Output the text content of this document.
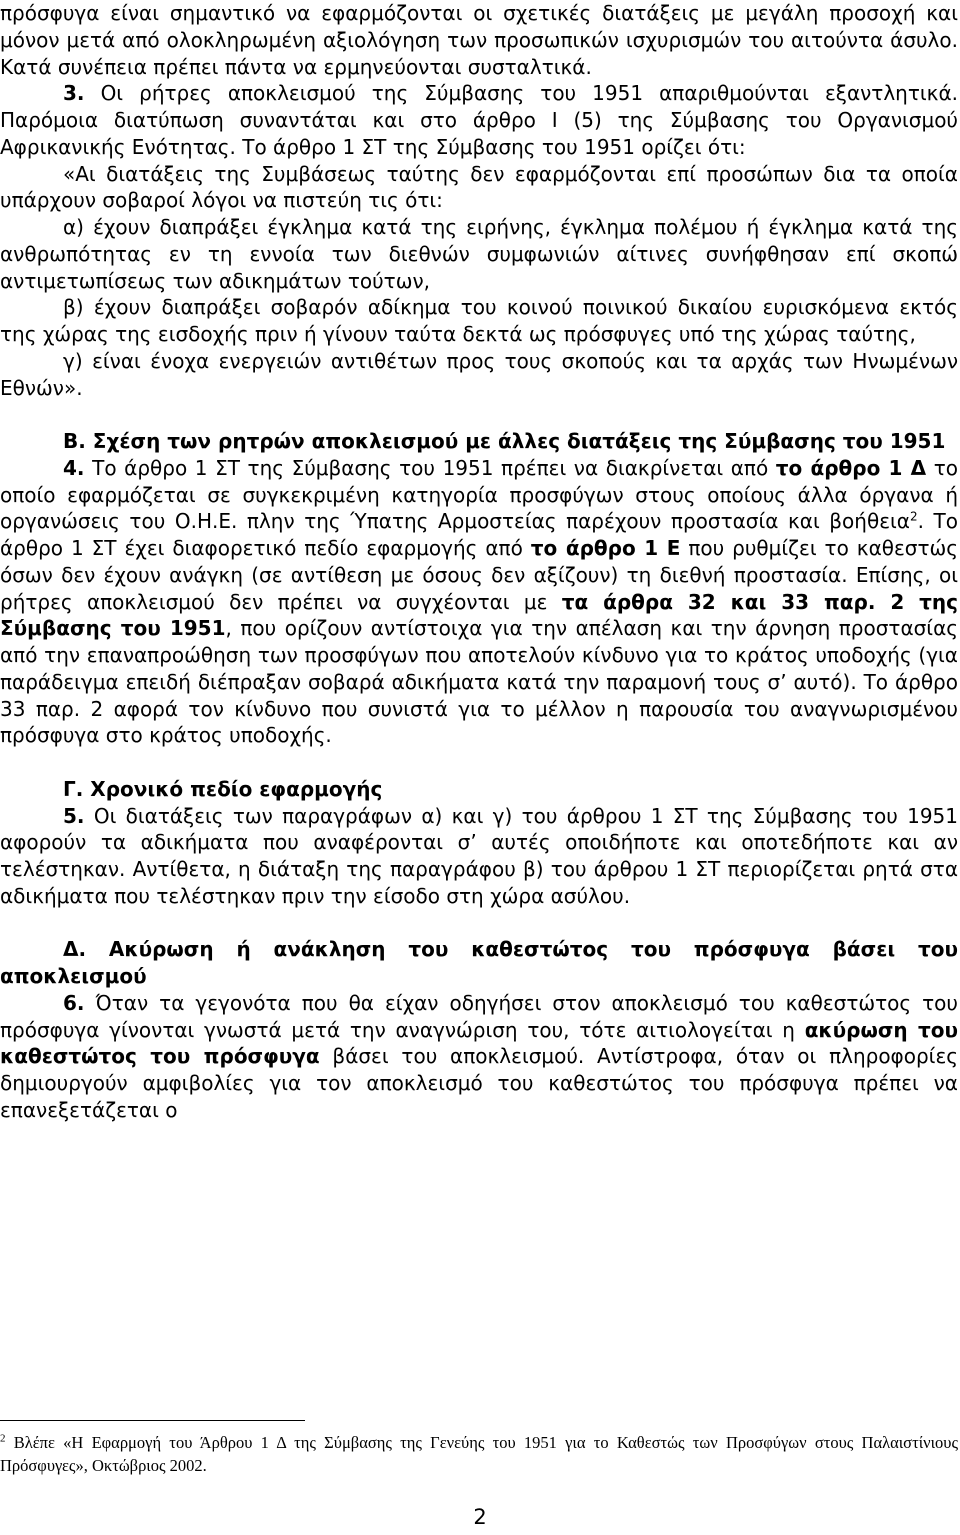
πρόσφυγα είναι σημαντικό να εφαρμόζονται οι σχετικές διατάξεις με μεγάλη προσοχή και μόνον μετά από ολοκληρωμένη αξιολόγηση των προσωπικών ισχυρισμών του αιτούντα άσυλο. Κατά συνέπεια πρέπει πάντα να ερμηνεύονται συσταλτικά.

3. Οι ρήτρες αποκλεισμού της Σύμβασης του 1951 απαριθμούνται εξαντλητικά. Παρόμοια διατύπωση συναντάται και στο άρθρο Ι (5) της Σύμβασης του Οργανισμού Αφρικανικής Ενότητας. Το άρθρο 1 ΣΤ της Σύμβασης του 1951 ορίζει ότι:

«Αι διατάξεις της Συμβάσεως ταύτης δεν εφαρμόζονται επί προσώπων δια τα οποία υπάρχουν σοβαροί λόγοι να πιστεύη τις ότι:

α) έχουν διαπράξει έγκλημα κατά της ειρήνης, έγκλημα πολέμου ή έγκλημα κατά της ανθρωπότητας εν τη εννοία των διεθνών συμφωνιών αίτινες συνήφθησαν επί σκοπώ αντιμετωπίσεως των αδικημάτων τούτων,

β) έχουν διαπράξει σοβαρόν αδίκημα του κοινού ποινικού δικαίου ευρισκόμενα εκτός της χώρας της εισδοχής πριν ή γίνουν ταύτα δεκτά ως πρόσφυγες υπό της χώρας ταύτης,

γ) είναι ένοχα ενεργειών αντιθέτων προς τους σκοπούς και τα αρχάς των Ηνωμένων Εθνών».

Β. Σχέση των ρητρών αποκλεισμού με άλλες διατάξεις της Σύμβασης του 1951

4. Το άρθρο 1 ΣΤ της Σύμβασης του 1951 πρέπει να διακρίνεται από το άρθρο 1 Δ το οποίο εφαρμόζεται σε συγκεκριμένη κατηγορία προσφύγων στους οποίους άλλα όργανα ή οργανώσεις του Ο.Η.Ε. πλην της Ύπατης Αρμοστείας παρέχουν προστασία και βοήθεια$^2$. Το άρθρο 1 ΣΤ έχει διαφορετικό πεδίο εφαρμογής από το άρθρο 1 Ε που ρυθμίζει το καθεστώς όσων δεν έχουν ανάγκη (σε αντίθεση με όσους δεν αξίζουν) τη διεθνή προστασία. Επίσης, οι ρήτρες αποκλεισμού δεν πρέπει να συγχέονται με τα άρθρα 32 και 33 παρ. 2 της Σύμβασης του 1951, που ορίζουν αντίστοιχα για την απέλαση και την άρνηση προστασίας από την επαναπροώθηση των προσφύγων που αποτελούν κίνδυνο για το κράτος υποδοχής (για παράδειγμα επειδή διέπραξαν σοβαρά αδικήματα κατά την παραμονή τους σ’ αυτό). Το άρθρο 33 παρ. 2 αφορά τον κίνδυνο που συνιστά για το μέλλον η παρουσία του αναγνωρισμένου πρόσφυγα στο κράτος υποδοχής.

Γ. Χρονικό πεδίο εφαρμογής

5. Οι διατάξεις των παραγράφων α) και γ) του άρθρου 1 ΣΤ της Σύμβασης του 1951 αφορούν τα αδικήματα που αναφέρονται σ’ αυτές οποιδήποτε και οποτεδήποτε και αν τελέστηκαν. Αντίθετα, η διάταξη της παραγράφου β) του άρθρου 1 ΣΤ περιορίζεται ρητά στα αδικήματα που τελέστηκαν πριν την είσοδο στη χώρα ασύλου.

Δ. Ακύρωση ή ανάκληση του καθεστώτος του πρόσφυγα βάσει του αποκλεισμού

6. Όταν τα γεγονότα που θα είχαν οδηγήσει στον αποκλεισμό του καθεστώτος του πρόσφυγα γίνονται γνωστά μετά την αναγνώριση του, τότε αιτιολογείται η ακύρωση του καθεστώτος του πρόσφυγα βάσει του αποκλεισμού. Αντίστροφα, όταν οι πληροφορίες δημιουργούν αμφιβολίες για τον αποκλεισμό του καθεστώτος του πρόσφυγα πρέπει να επανεξετάζεται ο

$^2$ Βλέπε «Η Εφαρμογή του Άρθρου 1 Δ της Σύμβασης της Γενεύης του 1951 για το Καθεστώς των Προσφύγων στους Παλαιστίνιους Πρόσφυγες», Οκτώβριος 2002.

2
